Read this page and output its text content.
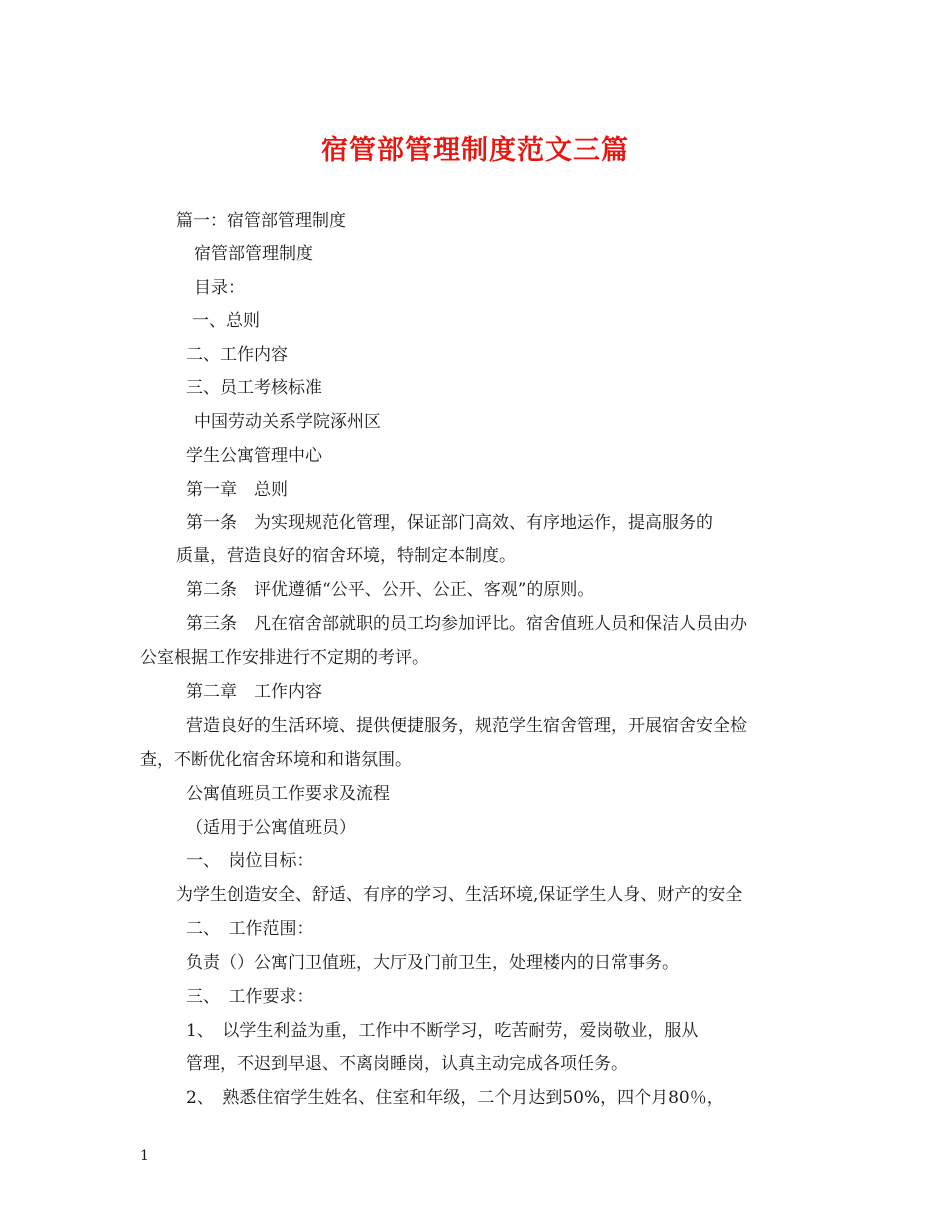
宿管部管理制度范文三篇
篇一：宿管部管理制度
宿管部管理制度
目录：
一、总则
二、工作内容
三、员工考核标准
中国劳动关系学院涿州区
学生公寓管理中心
第一章　总则
第一条　为实现规范化管理，保证部门高效、有序地运作，提高服务的
质量，营造良好的宿舍环境，特制定本制度。
第二条　评优遵循“公平、公开、公正、客观”的原则。
第三条　凡在宿舍部就职的员工均参加评比。宿舍值班人员和保洁人员由办
公室根据工作安排进行不定期的考评。
第二章　工作内容
营造良好的生活环境、提供便捷服务，规范学生宿舍管理，开展宿舍安全检
查，不断优化宿舍环境和和谐氛围。
公寓值班员工作要求及流程
（适用于公寓值班员）
一、　岗位目标：
为学生创造安全、舒适、有序的学习、生活环境,保证学生人身、财产的安全
二、　工作范围：
负责（）公寓门卫值班，大厅及门前卫生，处理楼内的日常事务。
三、　工作要求：
1、　以学生利益为重，工作中不断学习，吃苦耐劳，爱岗敬业，服从
管理，不迟到早退、不离岗睡岗，认真主动完成各项任务。
2、　熟悉住宿学生姓名、住室和年级，二个月达到50%，四个月80％，
1
